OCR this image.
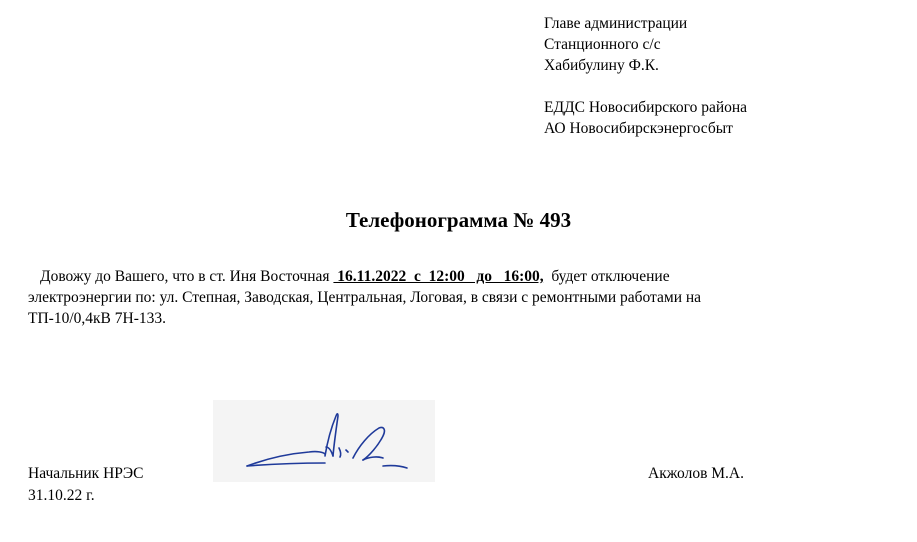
Главе администрации
Станционного с/с
Хабибулину Ф.К.
ЕДДС Новосибирского района
АО Новосибирскэнергосбыт
Телефонограмма № 493
Довожу до Вашего, что в ст. Иня Восточная  16.11.2022  с  12:00   до   16:00,  будет отключение
электроэнергии по: ул. Степная, Заводская, Центральная, Логовая, в связи с ремонтными работами на
ТП-10/0,4кВ 7Н-133.
Начальник НРЭС
31.10.22 г.
Акжолов М.А.
